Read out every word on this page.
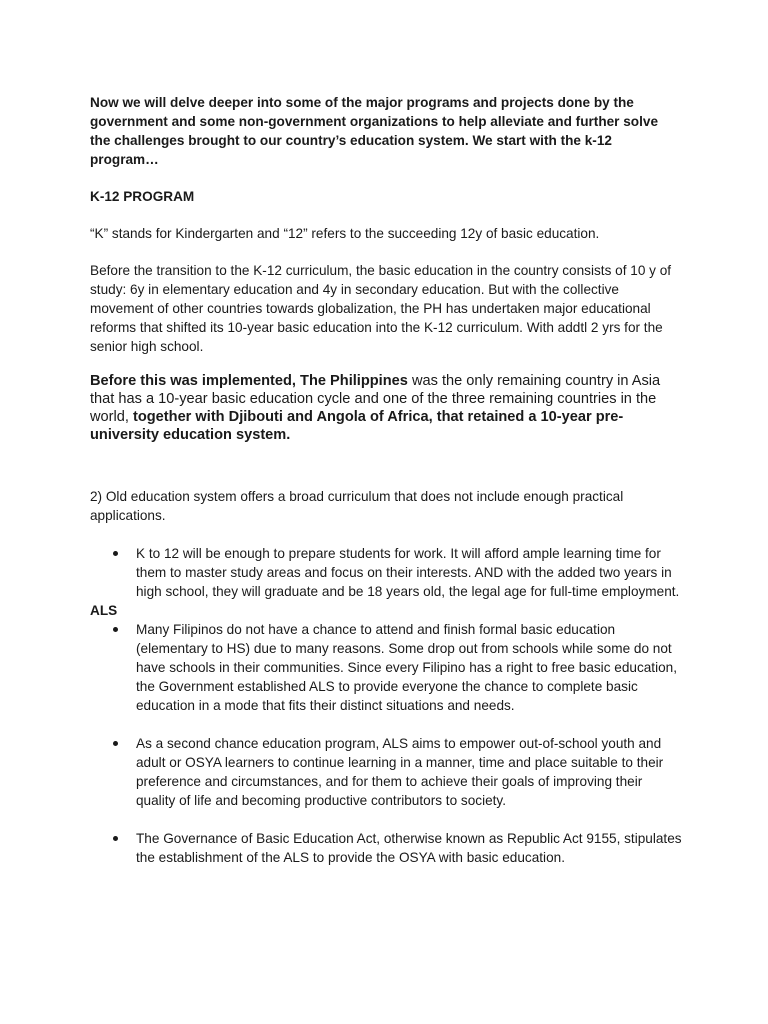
Now we will delve deeper into some of the major programs and projects done by the government and some non-government organizations to help alleviate and further solve the challenges brought to our country’s education system. We start with the k-12 program…

K-12 PROGRAM

“K” stands for Kindergarten and “12” refers to the succeeding 12y of basic education.

Before the transition to the K-12 curriculum, the basic education in the country consists of 10 y of study: 6y in elementary education and 4y in secondary education. But with the collective movement of other countries towards globalization, the PH has undertaken major educational reforms that shifted its 10-year basic education into the K-12 curriculum. With addtl 2 yrs for the senior high school.

Before this was implemented, The Philippines was the only remaining country in Asia that has a 10-year basic education cycle and one of the three remaining countries in the world, together with Djibouti and Angola of Africa, that retained a 10-year pre-university education system.

2) Old education system offers a broad curriculum that does not include enough practical applications.

K to 12 will be enough to prepare students for work. It will afford ample learning time for them to master study areas and focus on their interests. AND with the added two years in high school, they will graduate and be 18 years old, the legal age for full-time employment.

ALS

Many Filipinos do not have a chance to attend and finish formal basic education (elementary to HS) due to many reasons. Some drop out from schools while some do not have schools in their communities. Since every Filipino has a right to free basic education, the Government established ALS to provide everyone the chance to complete basic education in a mode that fits their distinct situations and needs.
As a second chance education program, ALS aims to empower out-of-school youth and adult or OSYA learners to continue learning in a manner, time and place suitable to their preference and circumstances, and for them to achieve their goals of improving their quality of life and becoming productive contributors to society.
The Governance of Basic Education Act, otherwise known as Republic Act 9155, stipulates the establishment of the ALS to provide the OSYA with basic education.
